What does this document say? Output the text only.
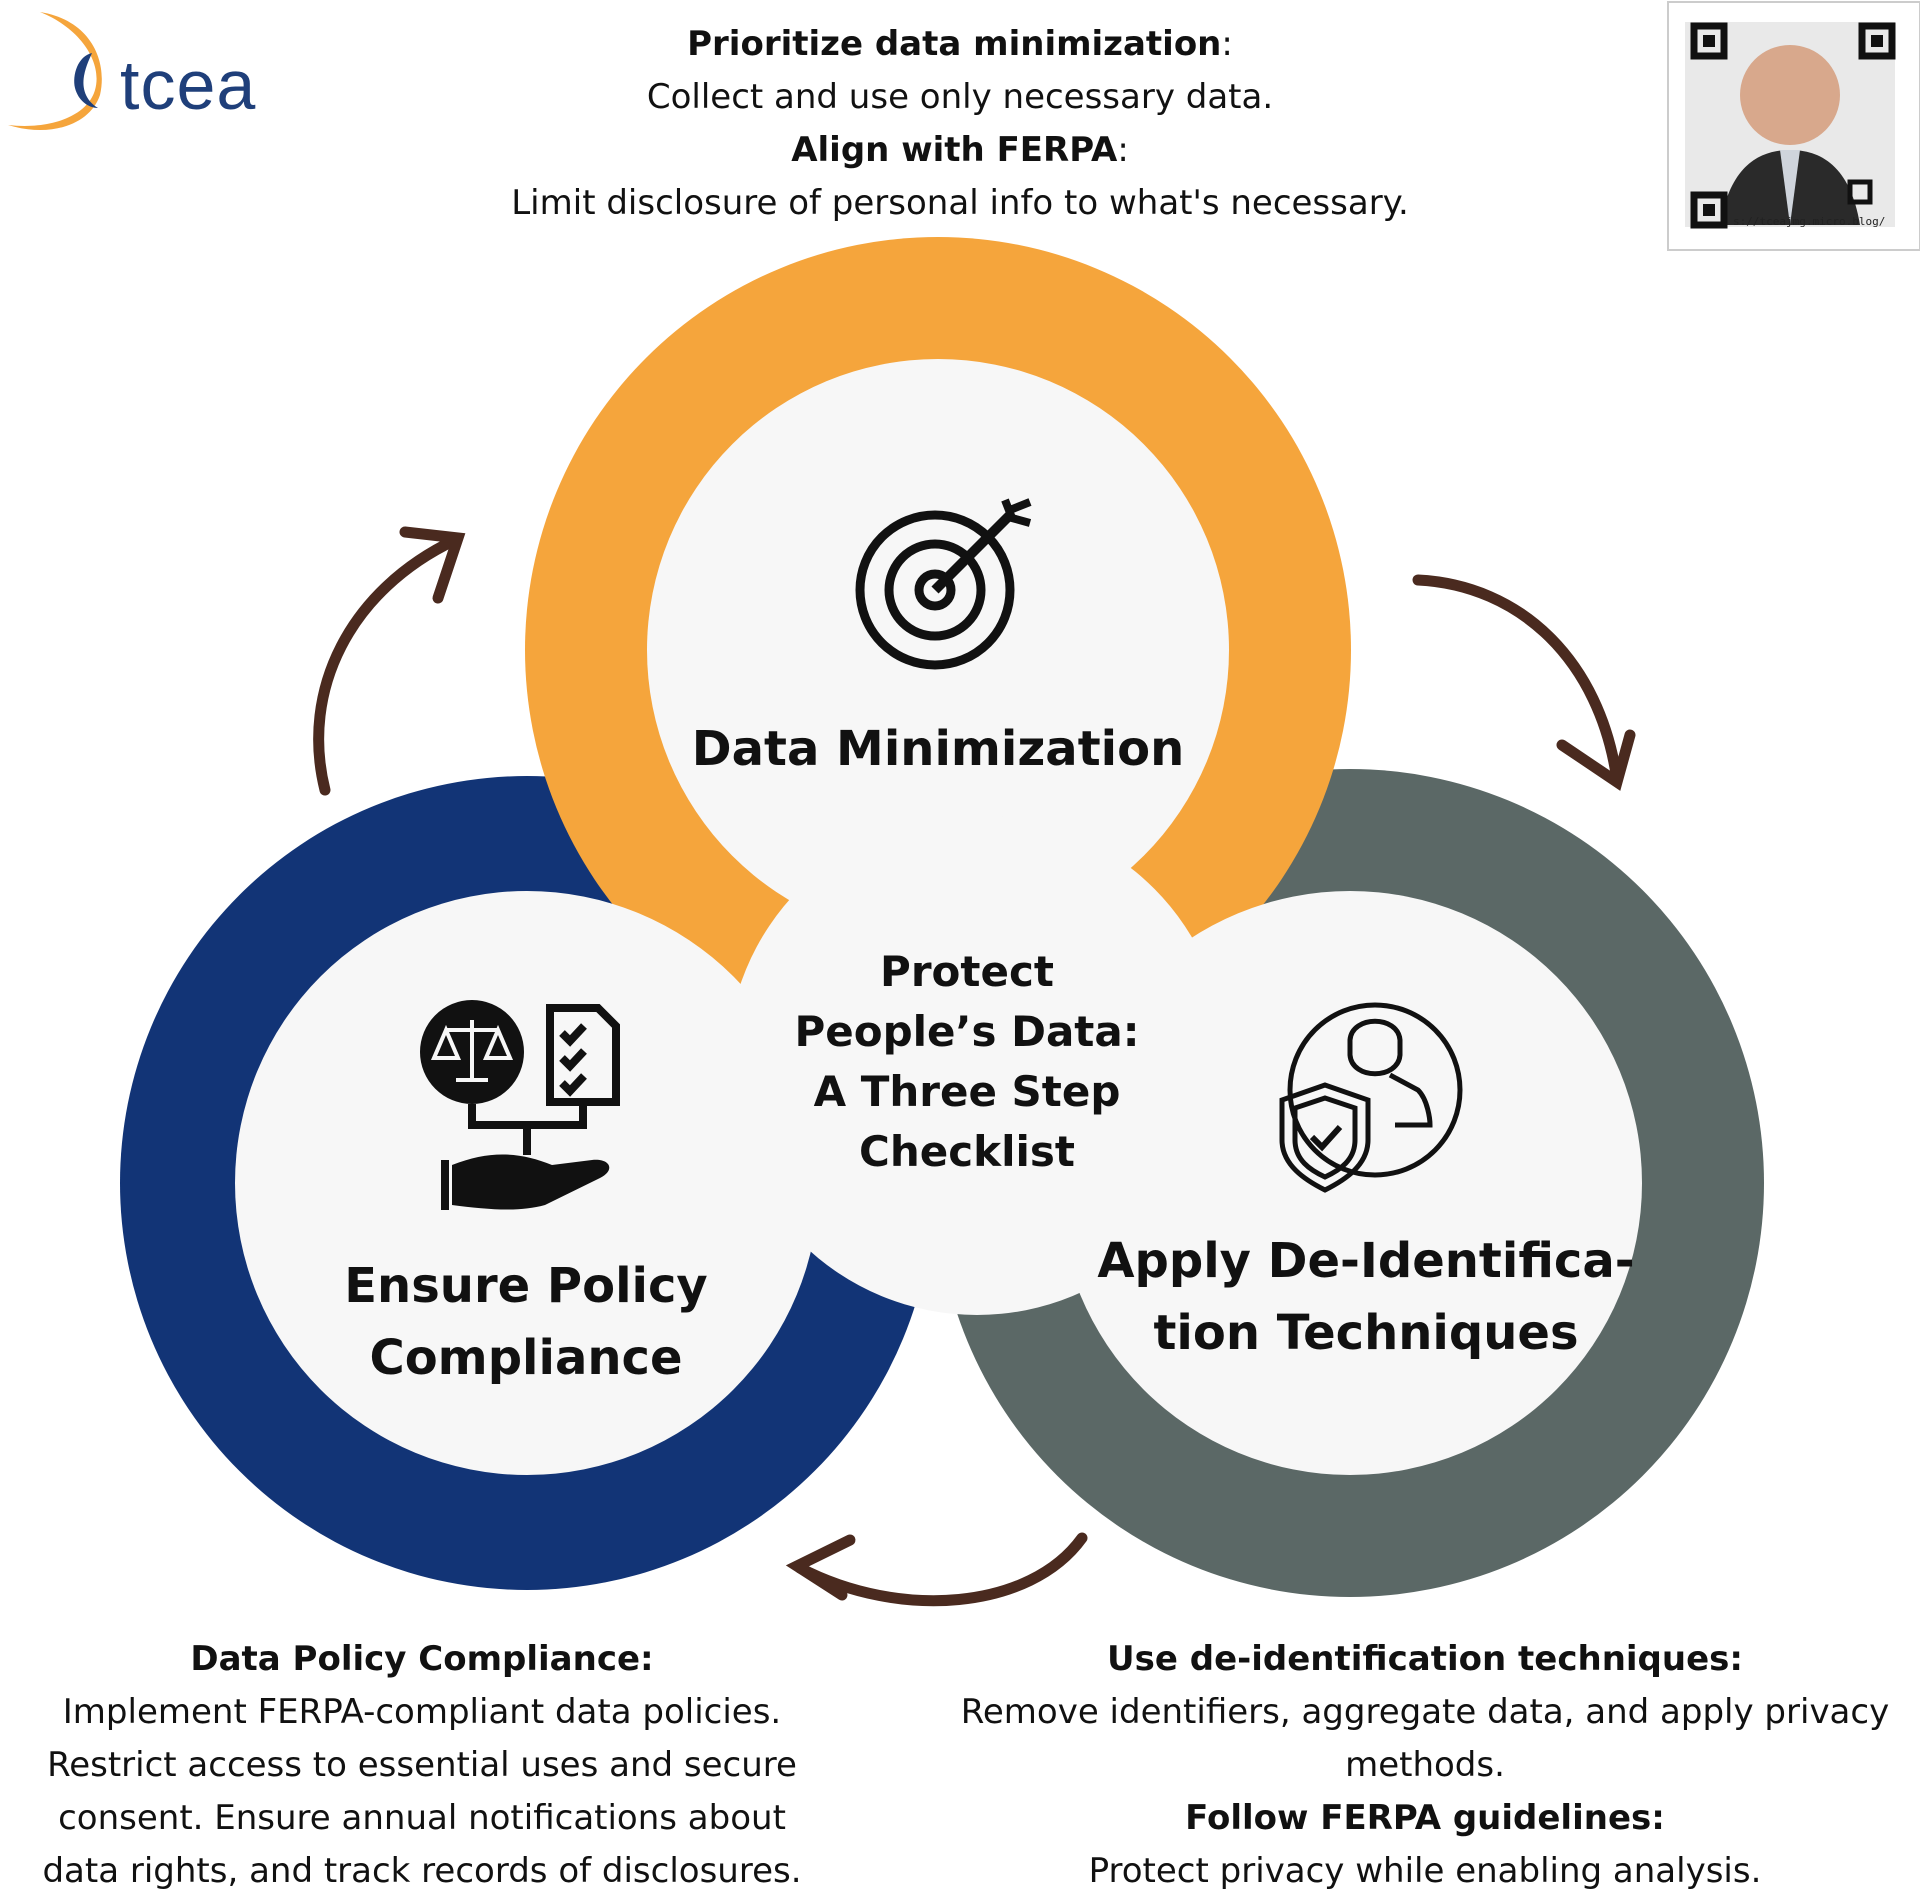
tcea
s://tceajmg.micro.blog/
Prioritize data minimization:
Collect and use only necessary data.
Align with FERPA:
Limit disclosure of personal info to what's necessary.
Data Minimization
Ensure Policy
Compliance
Apply De-Identifica-
tion Techniques
Protect
People’s Data:
A Three Step
Checklist
Data Policy Compliance:
Implement FERPA-compliant data policies.
Restrict access to essential uses and secure
consent. Ensure annual notifications about
data rights, and track records of disclosures.
Use de-identification techniques:
Remove identifiers, aggregate data, and apply privacy
methods.
Follow FERPA guidelines:
Protect privacy while enabling analysis.
